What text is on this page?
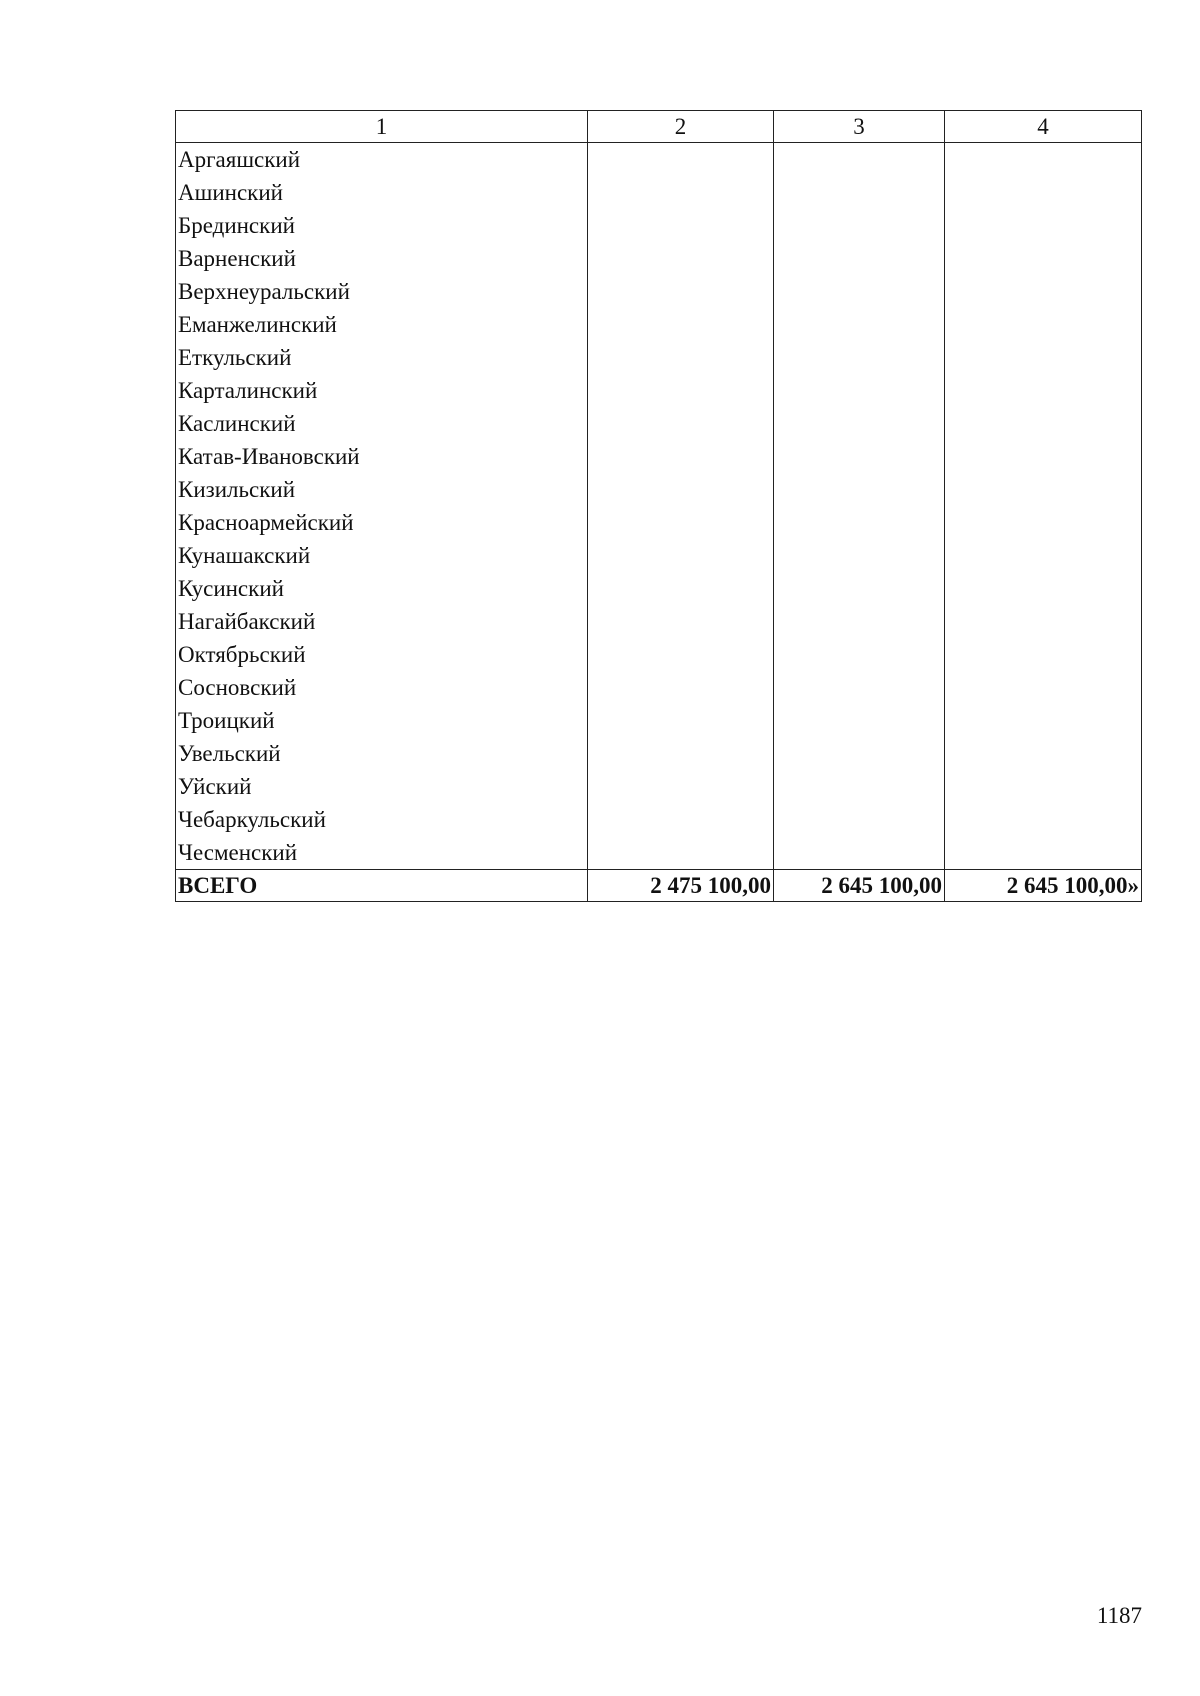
1	2	3	4
Аргаяшский			
Ашинский			
Брединский			
Варненский			
Верхнеуральский			
Еманжелинский			
Еткульский			
Карталинский			
Каслинский			
Катав-Ивановский			
Кизильский			
Красноармейский			
Кунашакский			
Кусинский			
Нагайбакский			
Октябрьский			
Сосновский			
Троицкий			
Увельский			
Уйский			
Чебаркульский			
Чесменский			
ВСЕГО	2 475 100,00	2 645 100,00	2 645 100,00»
1187
